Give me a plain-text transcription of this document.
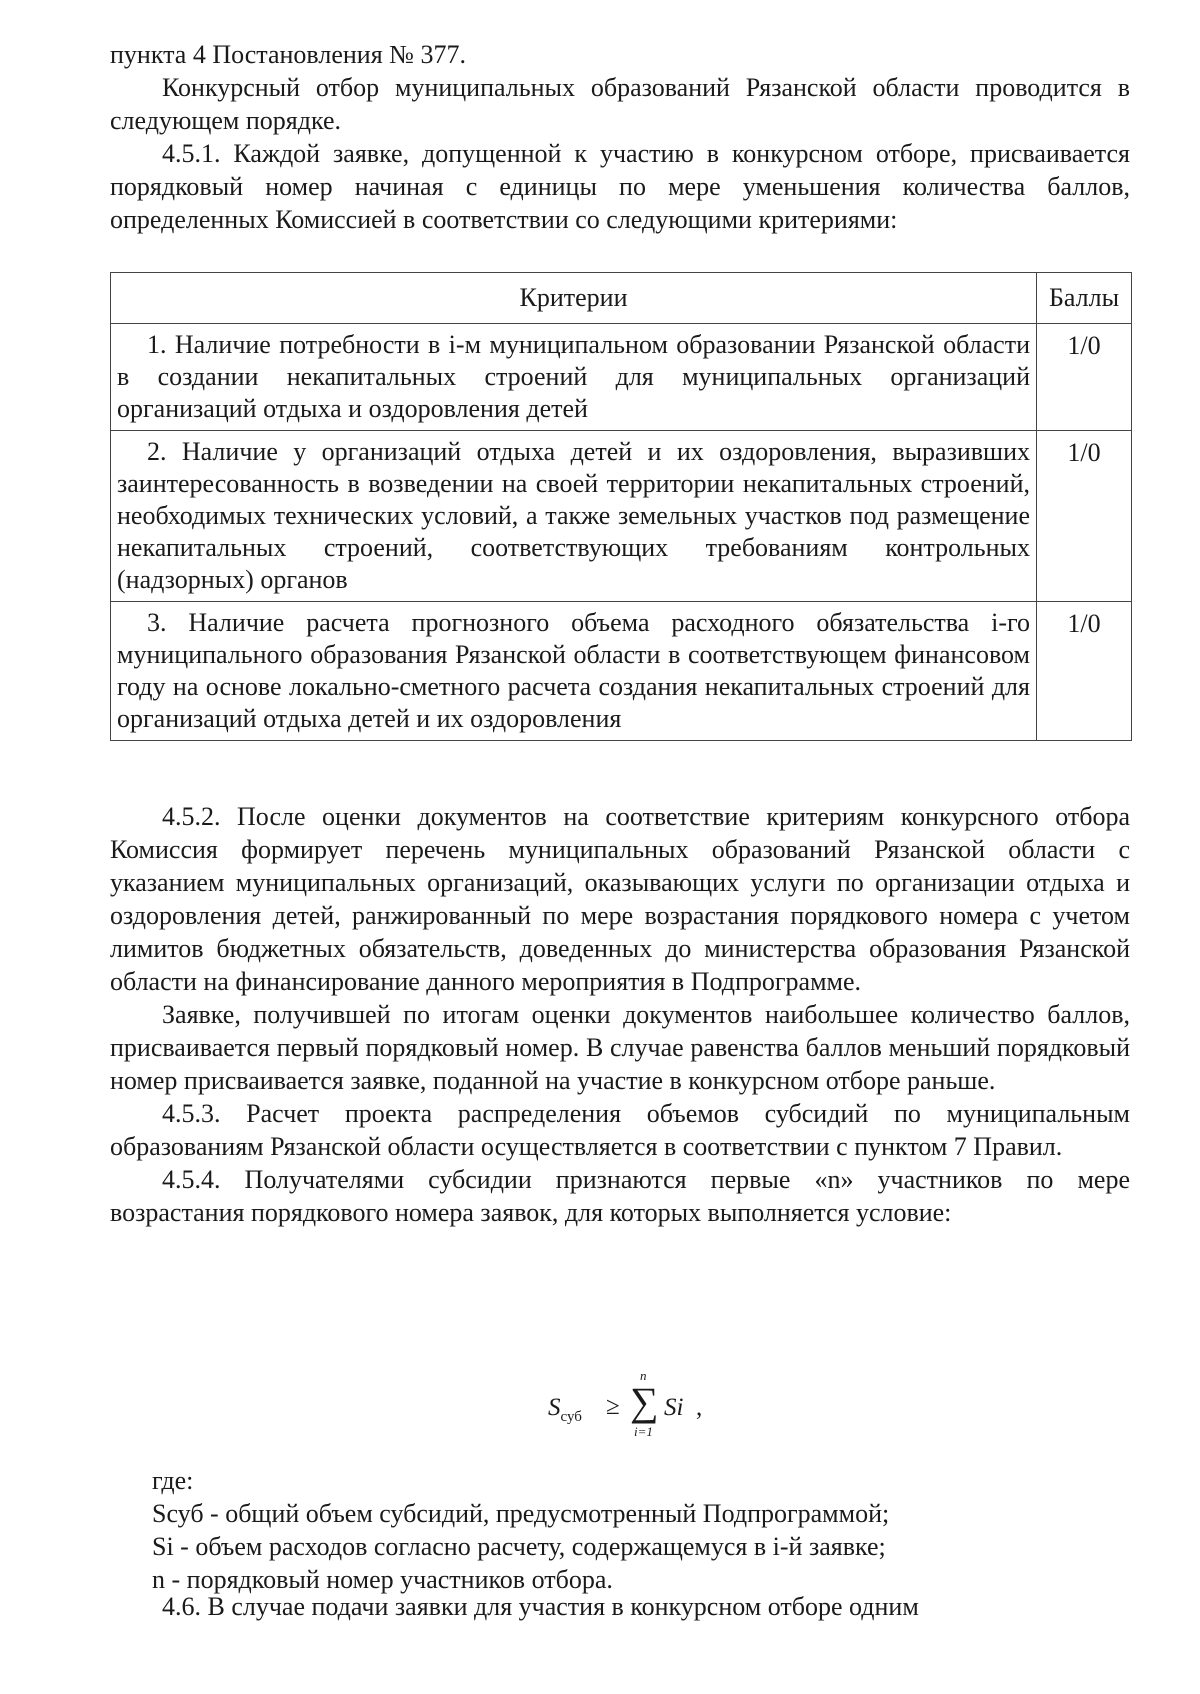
пункта 4 Постановления № 377.

Конкурсный отбор муниципальных образований Рязанской области проводится в следующем порядке.

4.5.1. Каждой заявке, допущенной к участию в конкурсном отборе, присваивается порядковый номер начиная с единицы по мере уменьшения количества баллов, определенных Комиссией в соответствии со следующими критериями:

Критерии	Баллы
1. Наличие потребности в i-м муниципальном образовании Рязанской области в создании некапитальных строений для муниципальных организаций организаций отдыха и оздоровления детей	1/0
2. Наличие у организаций отдыха детей и их оздоровления, выразивших заинтересованность в возведении на своей территории некапитальных строений, необходимых технических условий, а также земельных участков под размещение некапитальных строений, соответствующих требованиям контрольных (надзорных) органов	1/0
3. Наличие расчета прогнозного объема расходного обязательства i-го муниципального образования Рязанской области в соответствующем финансовом году на основе локально-сметного расчета создания некапитальных строений для организаций отдыха детей и их оздоровления	1/0

4.5.2. После оценки документов на соответствие критериям конкурсного отбора Комиссия формирует перечень муниципальных образований Рязанской области с указанием муниципальных организаций, оказывающих услуги по организации отдыха и оздоровления детей, ранжированный по мере возрастания порядкового номера с учетом лимитов бюджетных обязательств, доведенных до министерства образования Рязанской области на финансирование данного мероприятия в Подпрограмме.

Заявке, получившей по итогам оценки документов наибольшее количество баллов, присваивается первый порядковый номер. В случае равенства баллов меньший порядковый номер присваивается заявке, поданной на участие в конкурсном отборе раньше.

4.5.3. Расчет проекта распределения объемов субсидий по муниципальным образованиям Рязанской области осуществляется в соответствии с пунктом 7 Правил.

4.5.4. Получателями субсидии признаются первые «n» участников по мере возрастания порядкового номера заявок, для которых выполняется условие:

$S_{суб}$ ≥
n
∑
i=1
Si ,

где:

Sсуб - общий объем субсидий, предусмотренный Подпрограммой;

Si - объем расходов согласно расчету, содержащемуся в i-й заявке;

n - порядковый номер участников отбора.

4.6. В случае подачи заявки для участия в конкурсном отборе одним
